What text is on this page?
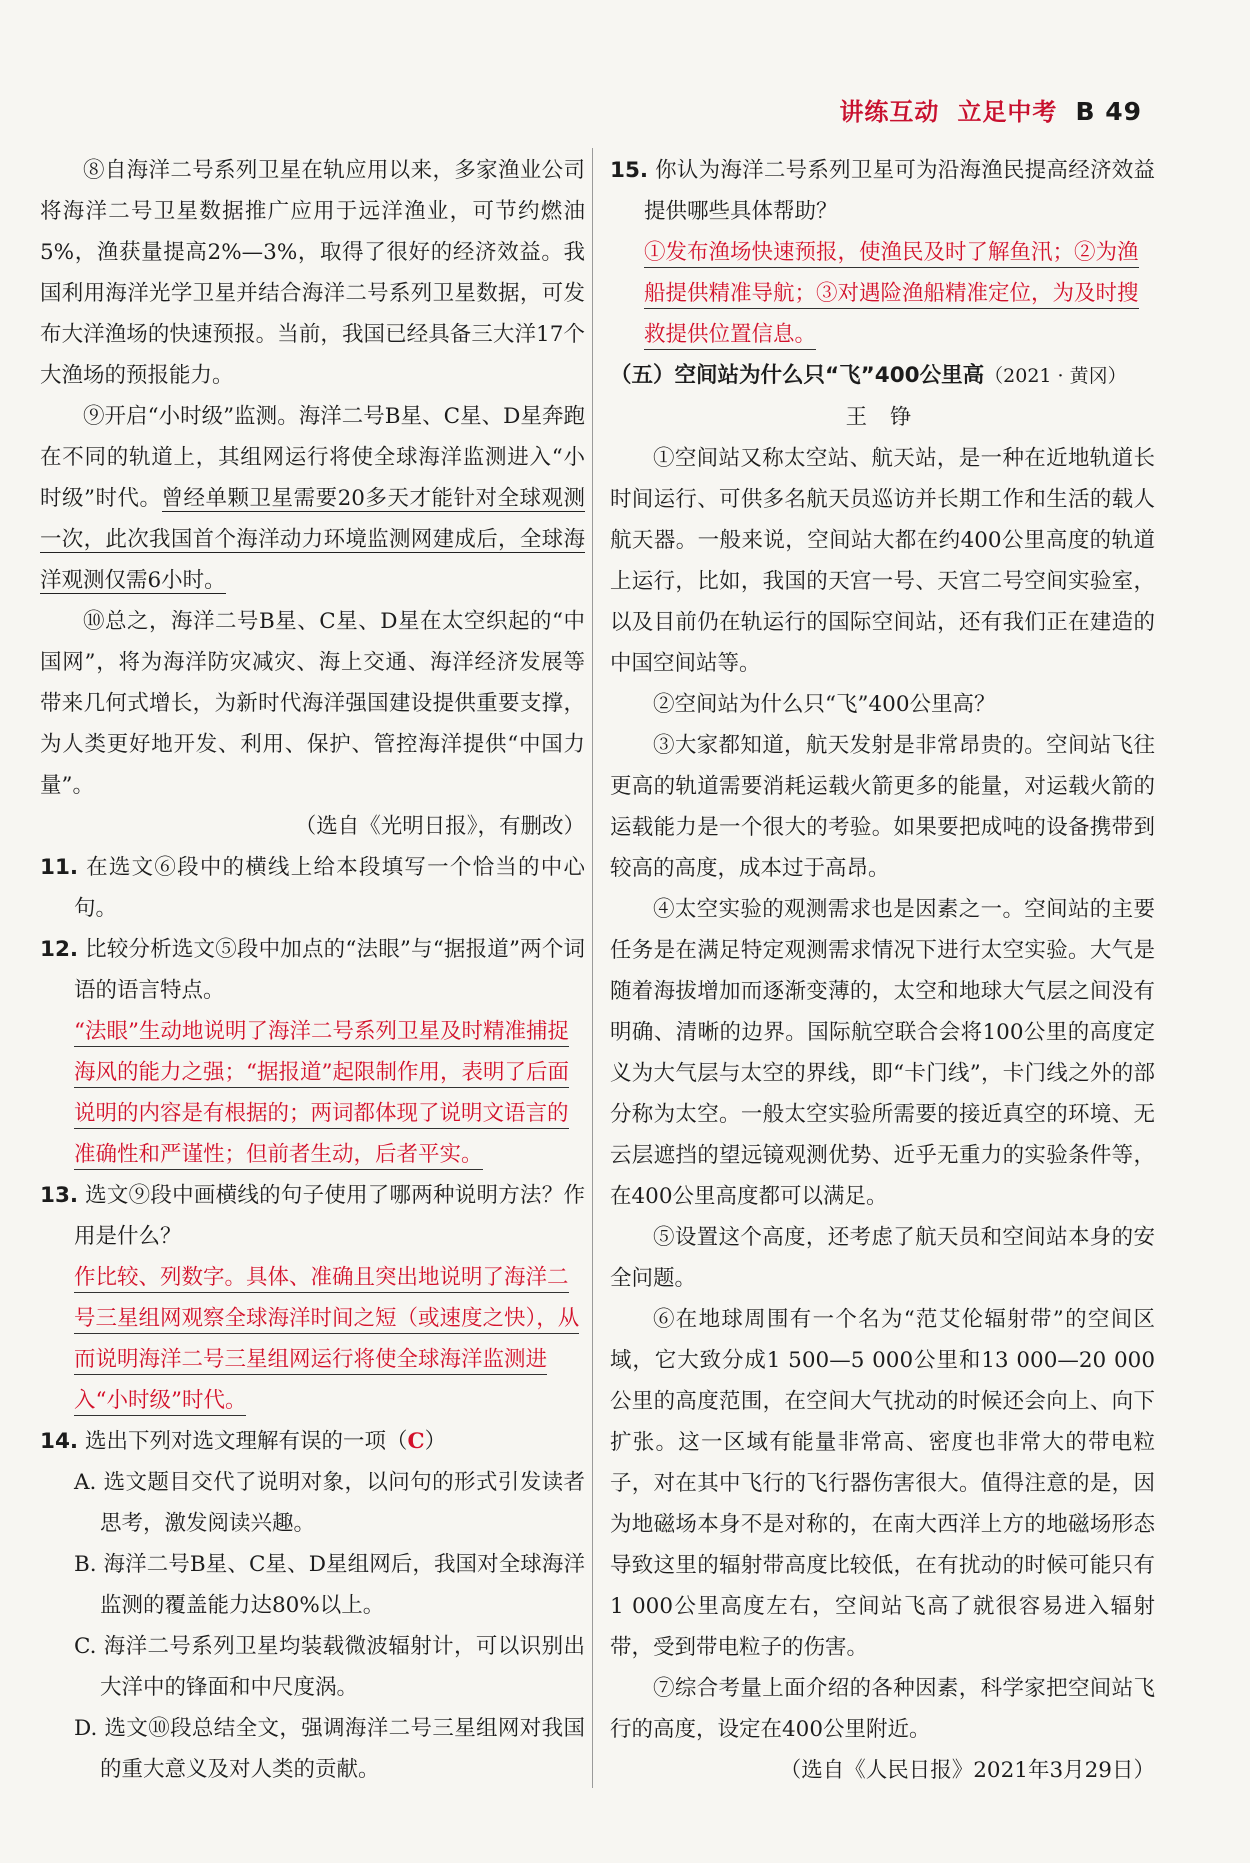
讲练互动 立足中考 B 49

⑧自海洋二号系列卫星在轨应用以来，多家渔业公司将海洋二号卫星数据推广应用于远洋渔业，可节约燃油5%，渔获量提高2%—3%，取得了很好的经济效益。我国利用海洋光学卫星并结合海洋二号系列卫星数据，可发布大洋渔场的快速预报。当前，我国已经具备三大洋17个大渔场的预报能力。

⑨开启“小时级”监测。海洋二号B星、C星、D星奔跑在不同的轨道上，其组网运行将使全球海洋监测进入“小时级”时代。曾经单颗卫星需要20多天才能针对全球观测一次，此次我国首个海洋动力环境监测网建成后，全球海洋观测仅需6小时。

⑩总之，海洋二号B星、C星、D星在太空织起的“中国网”，将为海洋防灾减灾、海上交通、海洋经济发展等带来几何式增长，为新时代海洋强国建设提供重要支撑，为人类更好地开发、利用、保护、管控海洋提供“中国力量”。

（选自《光明日报》，有删改）

11. 在选文⑥段中的横线上给本段填写一个恰当的中心句。

12. 比较分析选文⑤段中加点的“法眼”与“据报道”两个词语的语言特点。

“法眼”生动地说明了海洋二号系列卫星及时精准捕捉海风的能力之强；“据报道”起限制作用，表明了后面说明的内容是有根据的；两词都体现了说明文语言的准确性和严谨性；但前者生动，后者平实。

13. 选文⑨段中画横线的句子使用了哪两种说明方法？作用是什么？

作比较、列数字。具体、准确且突出地说明了海洋二号三星组网观察全球海洋时间之短（或速度之快），从而说明海洋二号三星组网运行将使全球海洋监测进入“小时级”时代。

14. 选出下列对选文理解有误的一项（C）

A. 选文题目交代了说明对象，以问句的形式引发读者思考，激发阅读兴趣。

B. 海洋二号B星、C星、D星组网后，我国对全球海洋监测的覆盖能力达80%以上。

C. 海洋二号系列卫星均装载微波辐射计，可以识别出大洋中的锋面和中尺度涡。

D. 选文⑩段总结全文，强调海洋二号三星组网对我国的重大意义及对人类的贡献。

15. 你认为海洋二号系列卫星可为沿海渔民提高经济效益提供哪些具体帮助？

①发布渔场快速预报，使渔民及时了解鱼汛；②为渔船提供精准导航；③对遇险渔船精准定位，为及时搜救提供位置信息。

（五）空间站为什么只“飞”400公里高（2021 · 黄冈）

王 铮

①空间站又称太空站、航天站，是一种在近地轨道长时间运行、可供多名航天员巡访并长期工作和生活的载人航天器。一般来说，空间站大都在约400公里高度的轨道上运行，比如，我国的天宫一号、天宫二号空间实验室，以及目前仍在轨运行的国际空间站，还有我们正在建造的中国空间站等。

②空间站为什么只“飞”400公里高？

③大家都知道，航天发射是非常昂贵的。空间站飞往更高的轨道需要消耗运载火箭更多的能量，对运载火箭的运载能力是一个很大的考验。如果要把成吨的设备携带到较高的高度，成本过于高昂。

④太空实验的观测需求也是因素之一。空间站的主要任务是在满足特定观测需求情况下进行太空实验。大气是随着海拔增加而逐渐变薄的，太空和地球大气层之间没有明确、清晰的边界。国际航空联合会将100公里的高度定义为大气层与太空的界线，即“卡门线”，卡门线之外的部分称为太空。一般太空实验所需要的接近真空的环境、无云层遮挡的望远镜观测优势、近乎无重力的实验条件等，在400公里高度都可以满足。

⑤设置这个高度，还考虑了航天员和空间站本身的安全问题。

⑥在地球周围有一个名为“范艾伦辐射带”的空间区域，它大致分成1 500—5 000公里和13 000—20 000公里的高度范围，在空间大气扰动的时候还会向上、向下扩张。这一区域有能量非常高、密度也非常大的带电粒子，对在其中飞行的飞行器伤害很大。值得注意的是，因为地磁场本身不是对称的，在南大西洋上方的地磁场形态导致这里的辐射带高度比较低，在有扰动的时候可能只有1 000公里高度左右，空间站飞高了就很容易进入辐射带，受到带电粒子的伤害。

⑦综合考量上面介绍的各种因素，科学家把空间站飞行的高度，设定在400公里附近。

（选自《人民日报》2021年3月29日）
